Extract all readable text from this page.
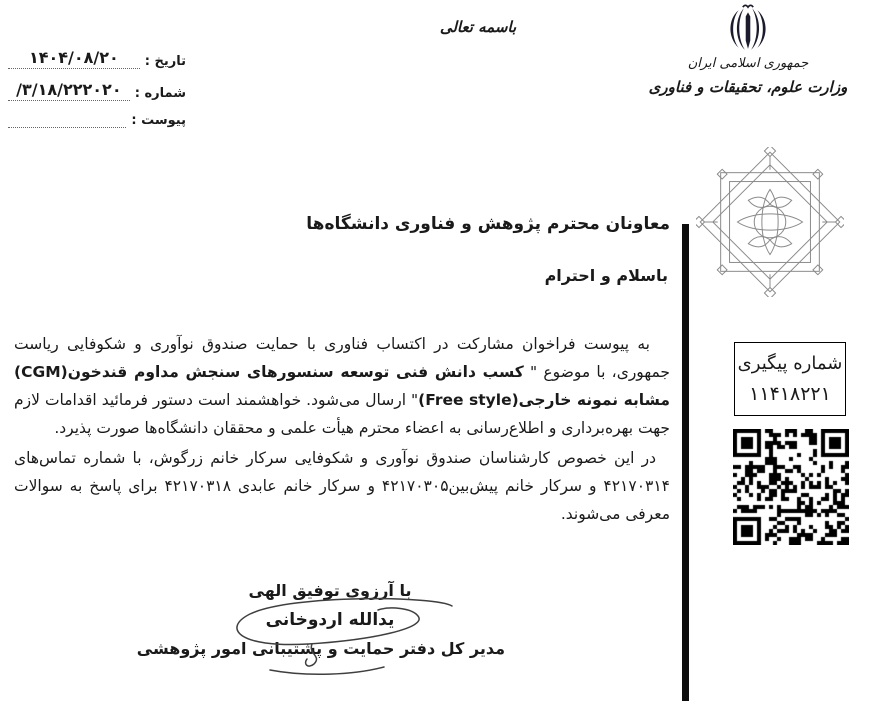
تاریخ :
۱۴۰۴/۰۸/۲۰
شماره :
/۳/۱۸/۲۲۲۰۲۰
پیوست :
باسمه تعالی
جمهوری اسلامی ایران
وزارت علوم، تحقیقات و فناوری
معاونان محترم پژوهش و فناوری دانشگاه‌ها
باسلام و احترام

به پیوست فراخوان مشارکت در اکتساب فناوری با حمایت صندوق نوآوری و شکوفایی ریاست جمهوری، با موضوع " کسب دانش فنی توسعه سنسورهای سنجش مداوم قندخون(CGM) مشابه نمونه خارجی(Free style)" ارسال می‌شود. خواهشمند است دستور فرمائید اقدامات لازم جهت بهره‌برداری و اطلاع‌رسانی به اعضاء محترم هیأت علمی و محققان دانشگاه‌ها صورت پذیرد.

در این خصوص کارشناسان صندوق نوآوری و شکوفایی سرکار خانم زرگوش، با شماره تماس‌های ۴۲۱۷۰۳۱۴ و سرکار خانم پیش‌بین۴۲۱۷۰۳۰۵ و سرکار خانم عابدی ۴۲۱۷۰۳۱۸ برای پاسخ به سوالات معرفی می‌شوند.

شماره پیگیری
۱۱۴۱۸۲۲۱
با آرزوی توفیق الهی
یدالله اردوخانی
مدیر کل دفتر حمایت و پشتیبانی امور پژوهشی
